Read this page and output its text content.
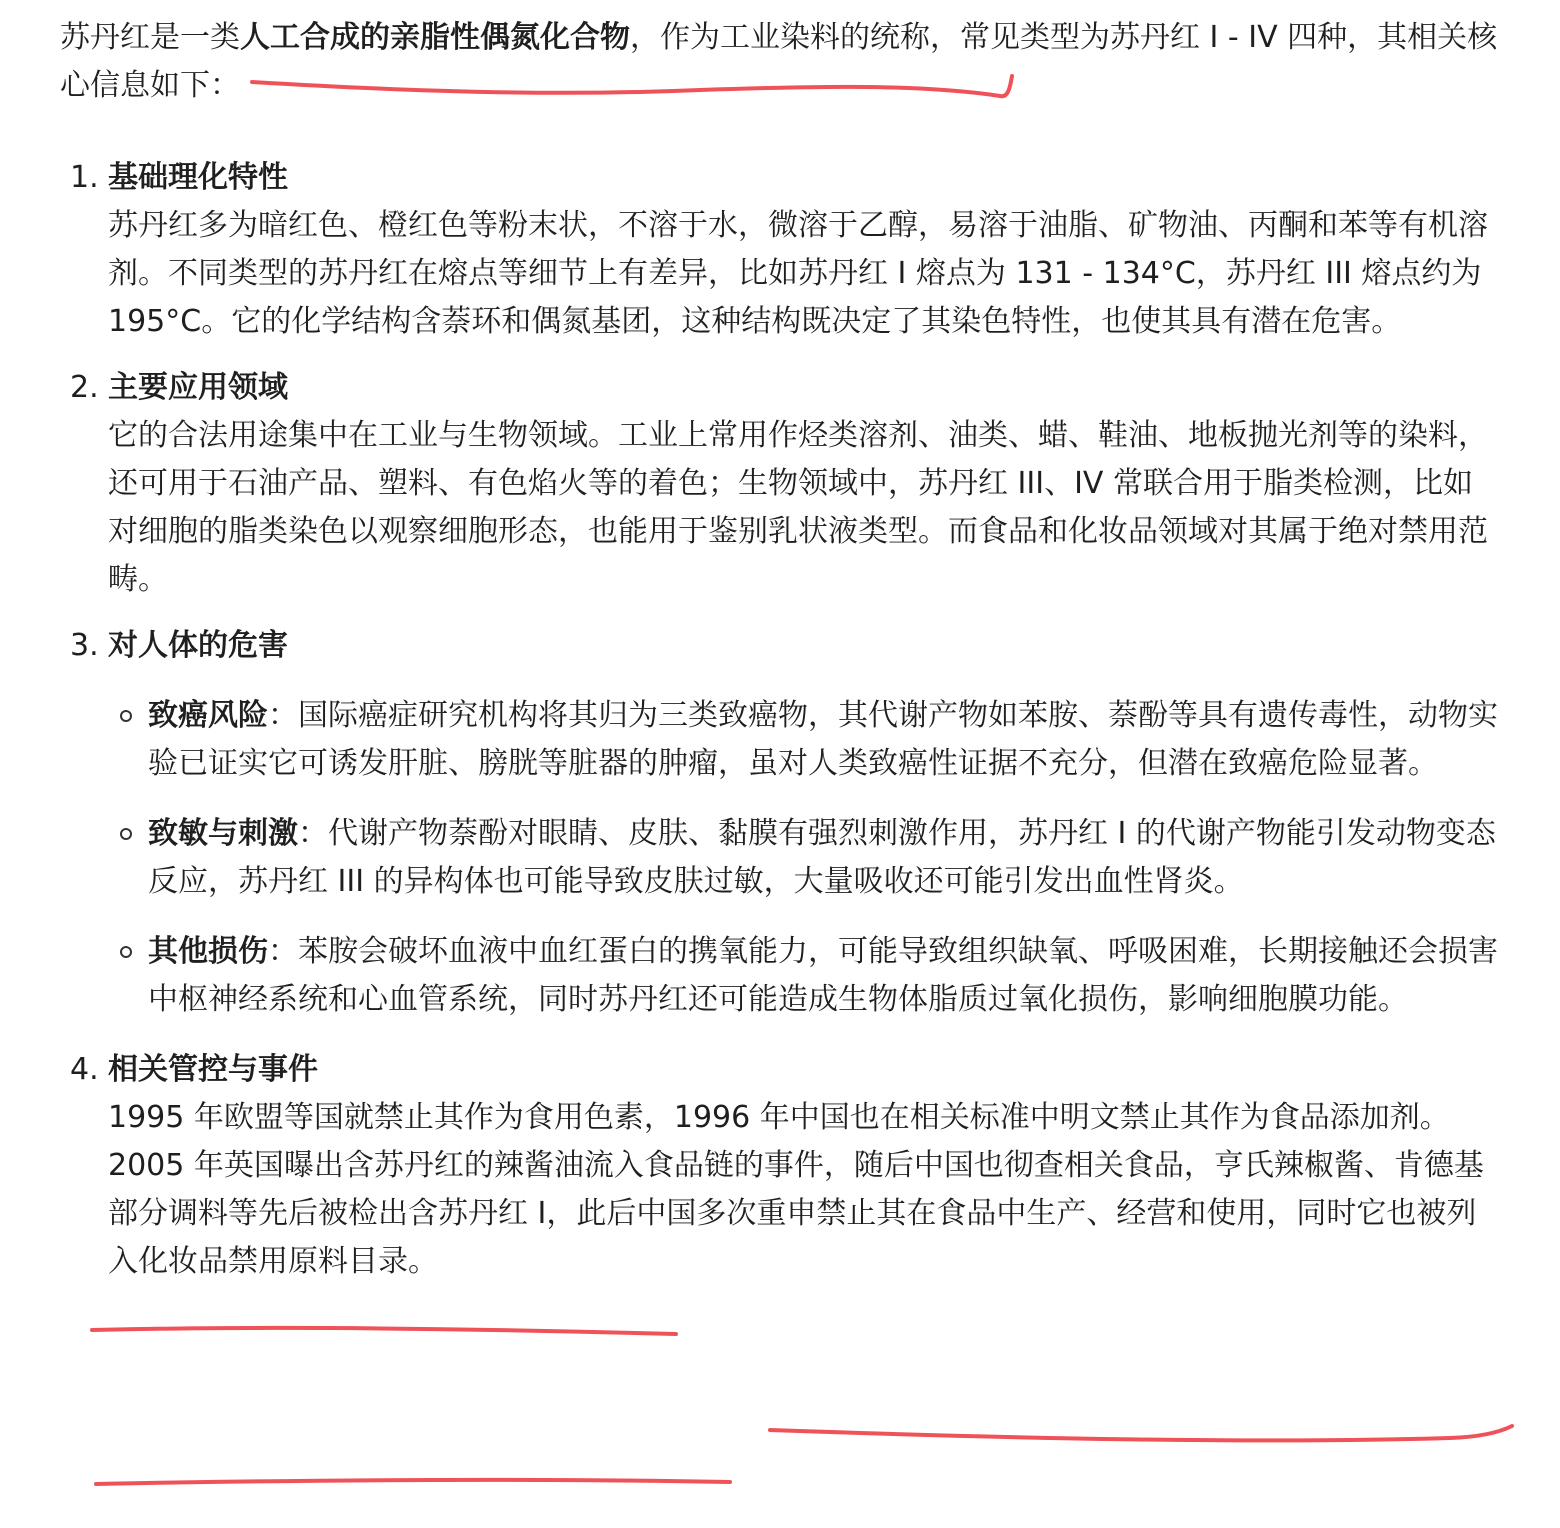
苏丹红是一类人工合成的亲脂性偶氮化合物，作为工业染料的统称，常见类型为苏丹红 I - IV 四种，其相关核心信息如下：

1. 基础理化特性
苏丹红多为暗红色、橙红色等粉末状，不溶于水，微溶于乙醇，易溶于油脂、矿物油、丙酮和苯等有机溶剂。不同类型的苏丹红在熔点等细节上有差异，比如苏丹红 I 熔点为 131 - 134°C，苏丹红 III 熔点约为 195°C。它的化学结构含萘环和偶氮基团，这种结构既决定了其染色特性，也使其具有潜在危害。
2. 主要应用领域
它的合法用途集中在工业与生物领域。工业上常用作烃类溶剂、油类、蜡、鞋油、地板抛光剂等的染料，还可用于石油产品、塑料、有色焰火等的着色；生物领域中，苏丹红 III、IV 常联合用于脂类检测，比如对细胞的脂类染色以观察细胞形态，也能用于鉴别乳状液类型。而食品和化妆品领域对其属于绝对禁用范畴。
3. 对人体的危害
致癌风险：国际癌症研究机构将其归为三类致癌物，其代谢产物如苯胺、萘酚等具有遗传毒性，动物实验已证实它可诱发肝脏、膀胱等脏器的肿瘤，虽对人类致癌性证据不充分，但潜在致癌危险显著。
致敏与刺激：代谢产物萘酚对眼睛、皮肤、黏膜有强烈刺激作用，苏丹红 I 的代谢产物能引发动物变态反应，苏丹红 III 的异构体也可能导致皮肤过敏，大量吸收还可能引发出血性肾炎。
其他损伤：苯胺会破坏血液中血红蛋白的携氧能力，可能导致组织缺氧、呼吸困难，长期接触还会损害中枢神经系统和心血管系统，同时苏丹红还可能造成生物体脂质过氧化损伤，影响细胞膜功能。
4. 相关管控与事件
1995 年欧盟等国就禁止其作为食用色素，1996 年中国也在相关标准中明文禁止其作为食品添加剂。2005 年英国曝出含苏丹红的辣酱油流入食品链的事件，随后中国也彻查相关食品，亨氏辣椒酱、肯德基部分调料等先后被检出含苏丹红 I，此后中国多次重申禁止其在食品中生产、经营和使用，同时它也被列入化妆品禁用原料目录。
